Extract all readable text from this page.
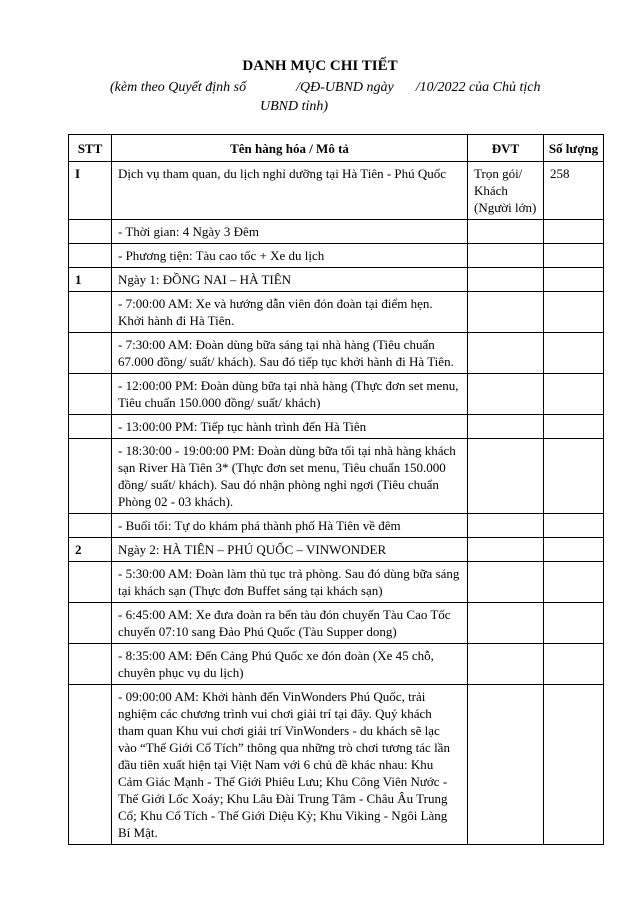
DANH MỤC CHI TIẾT
(kèm theo Quyết định số	/QĐ-UBND ngày /10/2022 của Chủ tịch
UBND tỉnh)
STT	Tên hàng hóa / Mô tả	ĐVT	Số lượng
I	Dịch vụ tham quan, du lịch nghỉ dưỡng tại Hà Tiên - Phú Quốc	Trọn gói/ Khách (Người lớn)	258
	- Thời gian: 4 Ngày 3 Đêm		
	- Phương tiện: Tàu cao tốc + Xe du lịch		
1	Ngày 1: ĐỒNG NAI – HÀ TIÊN		
	- 7:00:00 AM: Xe và hướng dẫn viên đón đoàn tại điểm hẹn. Khởi hành đi Hà Tiên.		
	- 7:30:00 AM: Đoàn dùng bữa sáng tại nhà hàng (Tiêu chuẩn 67.000 đồng/ suất/ khách). Sau đó tiếp tục khởi hành đi Hà Tiên.		
	- 12:00:00 PM: Đoàn dùng bữa tại nhà hàng (Thực đơn set menu, Tiêu chuẩn 150.000 đồng/ suất/ khách)		
	- 13:00:00 PM: Tiếp tục hành trình đến Hà Tiên		
	- 18:30:00 - 19:00:00 PM: Đoàn dùng bữa tối tại nhà hàng khách sạn River Hà Tiên 3* (Thực đơn set menu, Tiêu chuẩn 150.000 đồng/ suất/ khách). Sau đó nhận phòng nghỉ ngơi (Tiêu chuẩn Phòng 02 - 03 khách).		
	- Buổi tối: Tự do khám phá thành phố Hà Tiên về đêm		
2	Ngày 2: HÀ TIÊN – PHÚ QUỐC – VINWONDER		
	- 5:30:00 AM: Đoàn làm thủ tục trả phòng. Sau đó dùng bữa sáng tại khách sạn (Thực đơn Buffet sáng tại khách sạn)		
	- 6:45:00 AM: Xe đưa đoàn ra bến tàu đón chuyến Tàu Cao Tốc chuyến 07:10 sang Đảo Phú Quốc (Tàu Supper dong)		
	- 8:35:00 AM: Đến Cảng Phú Quốc xe đón đoàn (Xe 45 chỗ, chuyên phục vụ du lịch)		
	- 09:00:00 AM: Khởi hành đến VinWonders Phú Quốc, trải nghiệm các chương trình vui chơi giải trí tại đây. Quý khách tham quan Khu vui chơi giải trí VinWonders - du khách sẽ lạc vào “Thế Giới Cổ Tích” thông qua những trò chơi tương tác lần đầu tiên xuất hiện tại Việt Nam với 6 chủ đề khác nhau: Khu Cảm Giác Mạnh - Thế Giới Phiêu Lưu; Khu Công Viên Nước - Thế Giới Lốc Xoáy; Khu Lâu Đài Trung Tâm - Châu Âu Trung Cổ; Khu Cổ Tích - Thế Giới Diệu Kỳ; Khu Viking - Ngôi Làng Bí Mật.		
